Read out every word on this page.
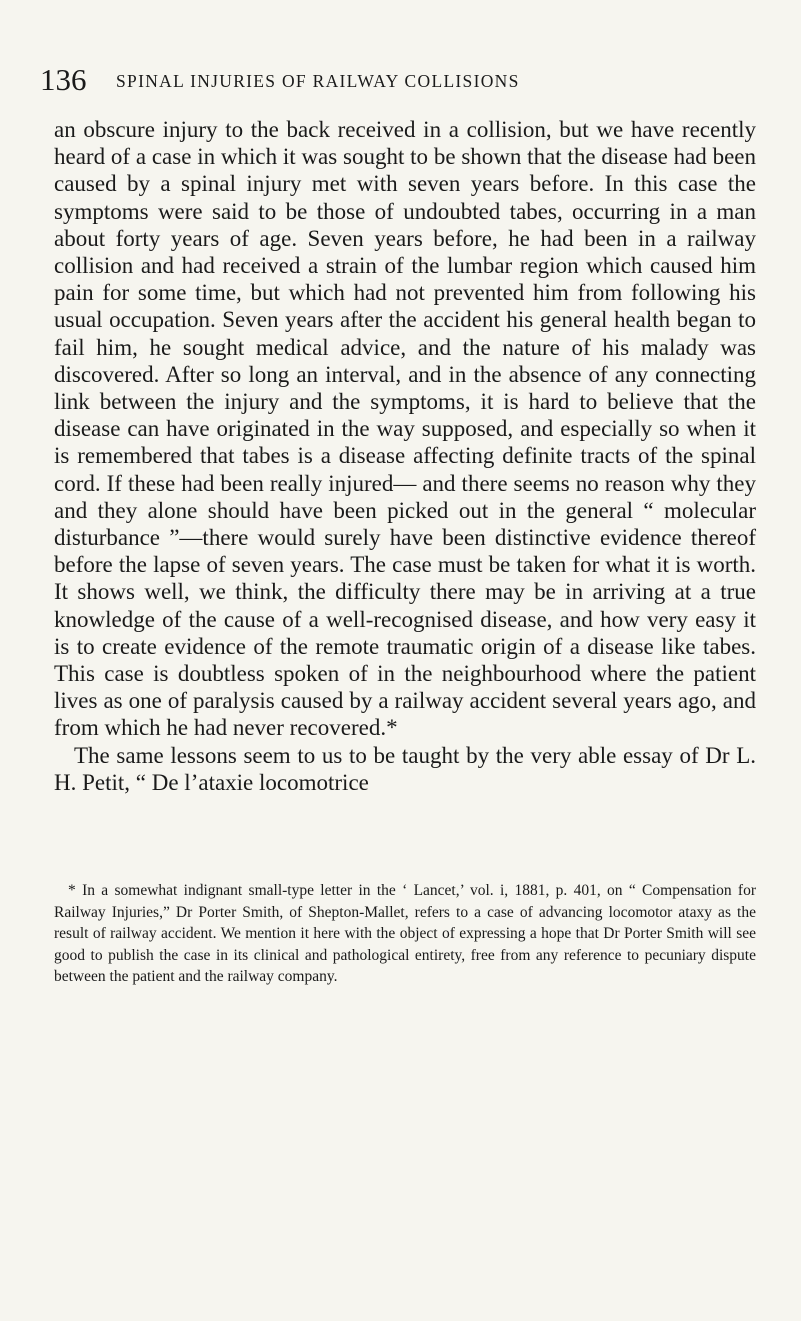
136 SPINAL INJURIES OF RAILWAY COLLISIONS

an obscure injury to the back received in a collision, but we have recently heard of a case in which it was sought to be shown that the disease had been caused by a spinal injury met with seven years before. In this case the symptoms were said to be those of undoubted tabes, occurring in a man about forty years of age. Seven years before, he had been in a railway collision and had received a strain of the lumbar region which caused him pain for some time, but which had not prevented him from following his usual occupation. Seven years after the accident his general health began to fail him, he sought medical advice, and the nature of his malady was discovered. After so long an interval, and in the absence of any connecting link between the injury and the symptoms, it is hard to believe that the disease can have originated in the way supposed, and especially so when it is remembered that tabes is a disease affecting definite tracts of the spinal cord. If these had been really injured— and there seems no reason why they and they alone should have been picked out in the general “ molecular disturbance ”—there would surely have been distinctive evidence thereof before the lapse of seven years. The case must be taken for what it is worth. It shows well, we think, the difficulty there may be in arriving at a true knowledge of the cause of a well-recognised disease, and how very easy it is to create evidence of the remote traumatic origin of a disease like tabes. This case is doubtless spoken of in the neighbourhood where the patient lives as one of paralysis caused by a railway accident several years ago, and from which he had never recovered.*

The same lessons seem to us to be taught by the very able essay of Dr L. H. Petit, “ De l’ataxie locomotrice

* In a somewhat indignant small-type letter in the ‘ Lancet,’ vol. i, 1881, p. 401, on “ Compensation for Railway Injuries,” Dr Porter Smith, of Shepton-Mallet, refers to a case of advancing locomotor ataxy as the result of railway accident. We mention it here with the object of expressing a hope that Dr Porter Smith will see good to publish the case in its clinical and pathological entirety, free from any reference to pecuniary dispute between the patient and the railway company.
